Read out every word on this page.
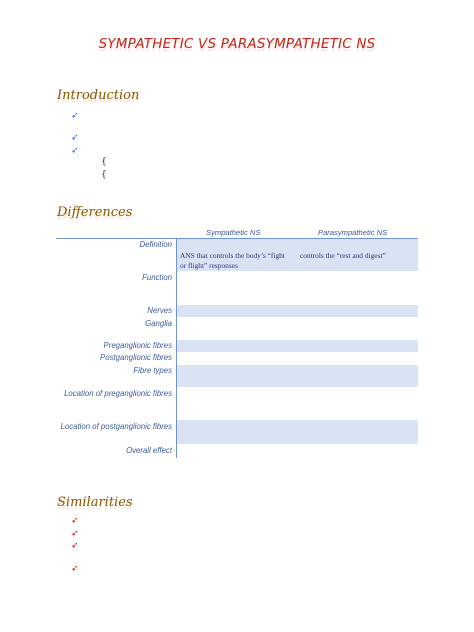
SYMPATHETIC VS PARASYMPATHETIC NS
Introduction
➶
➶
➶
{
{
Differences
Sympathetic NS	Parasympathetic NS
Definition
Function
Nerves
Ganglia
Preganglionic fibres
Postganglionic fibres
Fibre types
Location of preganglionic fibres
Location of postganglionic fibres
Overall effect
ANS that controls the body’s “fight or flight” responses
controls the “rest and digest”
Similarities
➶
➶
➶
➶
